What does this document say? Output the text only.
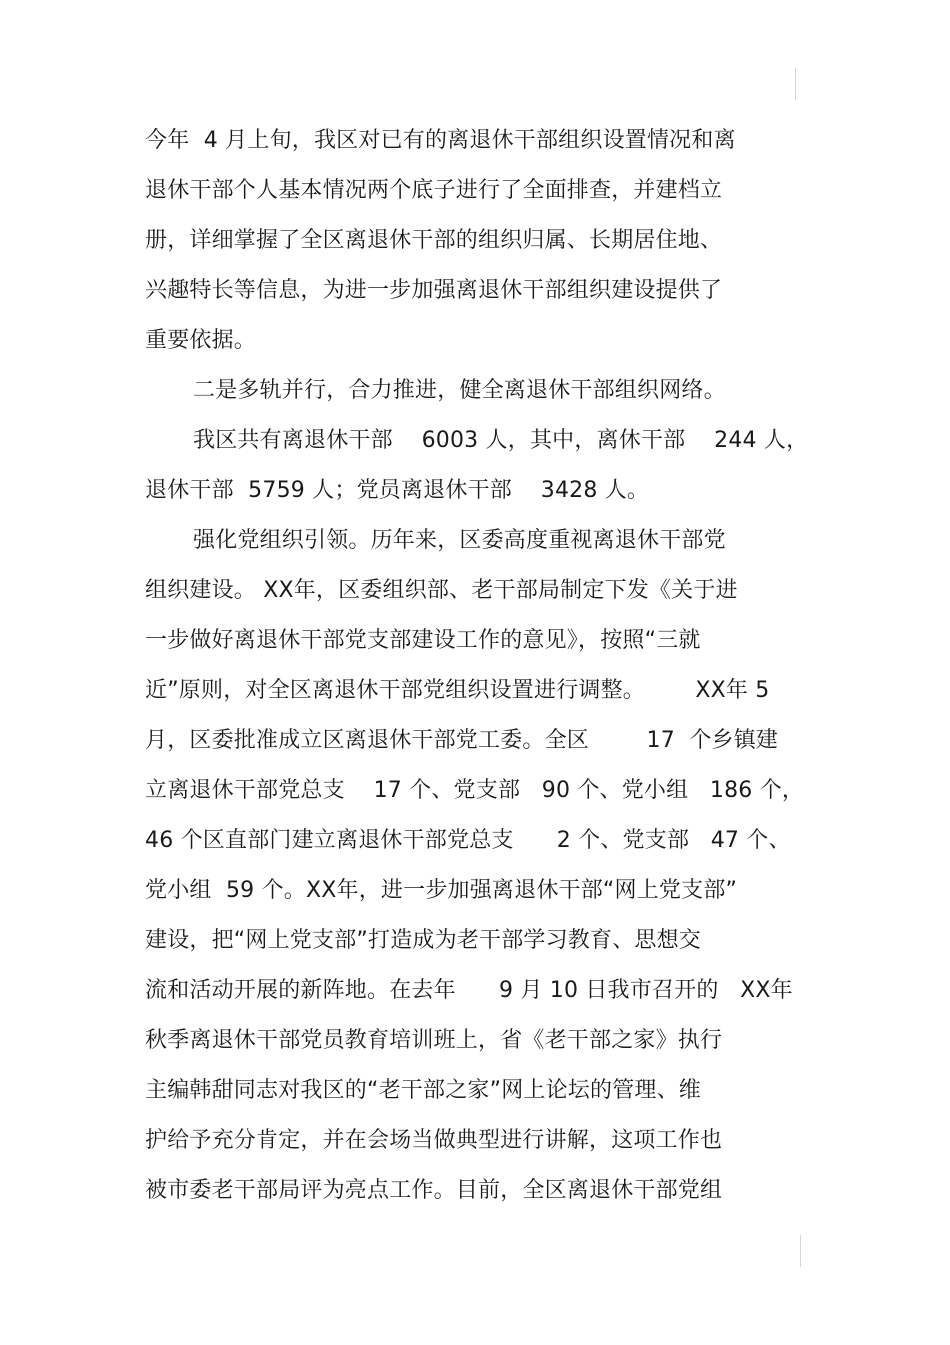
今年  4 月上旬，我区对已有的离退休干部组织设置情况和离
退休干部个人基本情况两个底子进行了全面排查，并建档立
册，详细掌握了全区离退休干部的组织归属、长期居住地、
兴趣特长等信息，为进一步加强离退休干部组织建设提供了
重要依据。
二是多轨并行，合力推进，健全离退休干部组织网络。
我区共有离退休干部    6003 人，其中，离休干部    244 人，
退休干部  5759 人；党员离退休干部    3428 人。
强化党组织引领。历年来，区委高度重视离退休干部党
组织建设。 XX年，区委组织部、老干部局制定下发《关于进
一步做好离退休干部党支部建设工作的意见》，按照“三就
近”原则，对全区离退休干部党组织设置进行调整。       XX年 5
月，区委批准成立区离退休干部党工委。全区        17  个乡镇建
立离退休干部党总支    17 个、党支部   90 个、党小组   186 个，
46 个区直部门建立离退休干部党总支      2 个、党支部   47 个、
党小组  59 个。XX年，进一步加强离退休干部“网上党支部”
建设，把“网上党支部”打造成为老干部学习教育、思想交
流和活动开展的新阵地。在去年      9 月 10 日我市召开的   XX年
秋季离退休干部党员教育培训班上，省《老干部之家》执行
主编韩甜同志对我区的“老干部之家”网上论坛的管理、维
护给予充分肯定，并在会场当做典型进行讲解，这项工作也
被市委老干部局评为亮点工作。目前，全区离退休干部党组
